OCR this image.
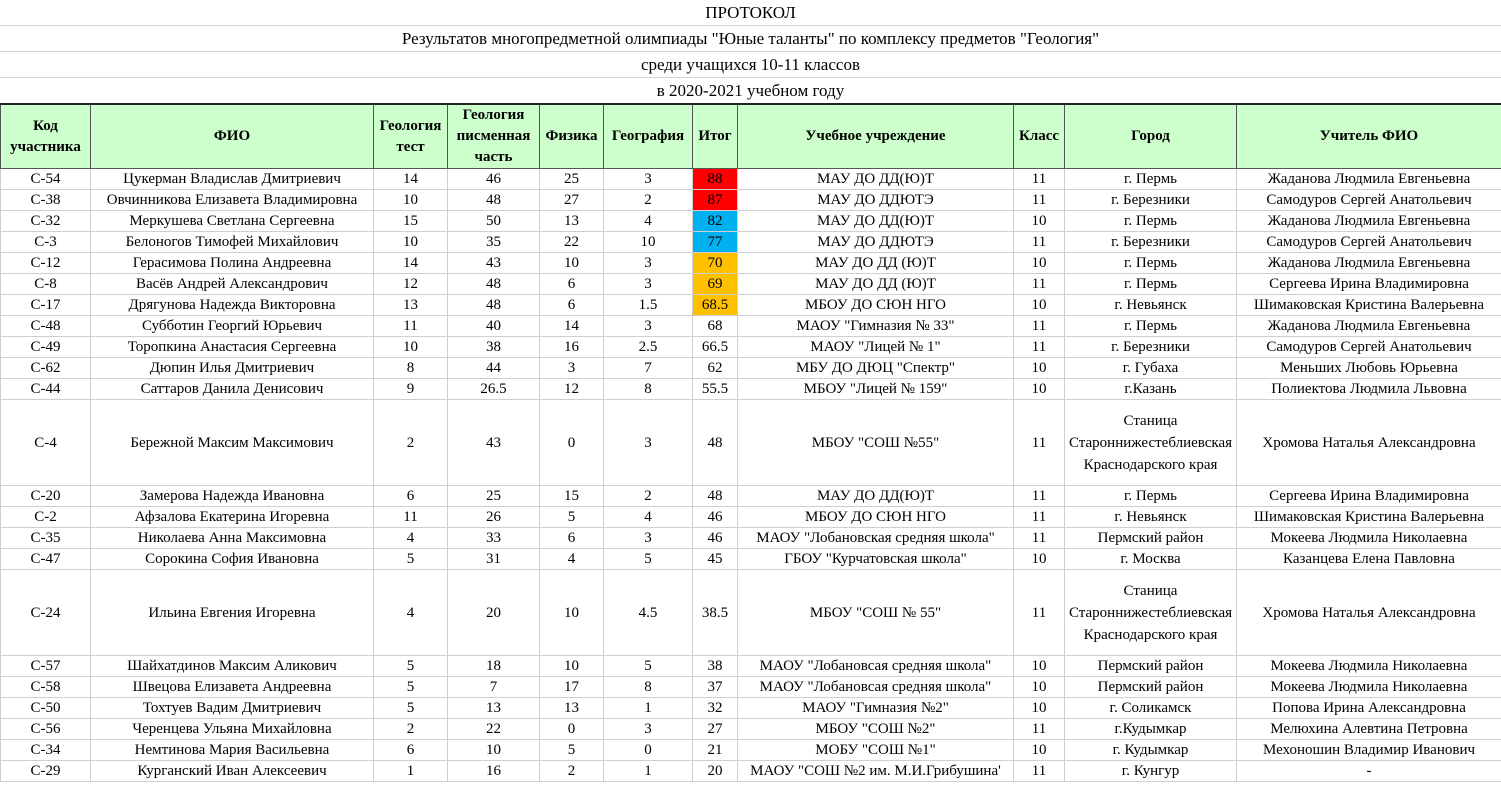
ПРОТОКОЛ
Результатов многопредметной олимпиады "Юные таланты" по комплексу предметов "Геология"
среди учащихся 10-11 классов
в 2020-2021 учебном году
Код участника	ФИО	Геология тест	Геология писменная часть	Физика	География	Итог	Учебное учреждение	Класс	Город	Учитель ФИО
С-54	Цукерман Владислав Дмитриевич	14	46	25	3	88	МАУ ДО ДД(Ю)Т	11	г. Пермь	Жаданова Людмила Евгеньевна
С-38	Овчинникова Елизавета Владимировна	10	48	27	2	87	МАУ ДО ДДЮТЭ	11	г. Березники	Самодуров Сергей Анатольевич
С-32	Меркушева Светлана Сергеевна	15	50	13	4	82	МАУ ДО ДД(Ю)Т	10	г. Пермь	Жаданова Людмила Евгеньевна
С-3	Белоногов Тимофей Михайлович	10	35	22	10	77	МАУ ДО ДДЮТЭ	11	г. Березники	Самодуров Сергей Анатольевич
С-12	Герасимова Полина Андреевна	14	43	10	3	70	МАУ ДО ДД (Ю)Т	10	г. Пермь	Жаданова Людмила Евгеньевна
С-8	Васёв Андрей Александрович	12	48	6	3	69	МАУ ДО ДД (Ю)Т	11	г. Пермь	Сергеева Ирина Владимировна
С-17	Дрягунова Надежда Викторовна	13	48	6	1.5	68.5	МБОУ ДО СЮН НГО	10	г. Невьянск	Шимаковская Кристина Валерьевна
С-48	Субботин Георгий Юрьевич	11	40	14	3	68	МАОУ "Гимназия № 33"	11	г. Пермь	Жаданова Людмила Евгеньевна
С-49	Торопкина Анастасия Сергеевна	10	38	16	2.5	66.5	МАОУ "Лицей № 1"	11	г. Березники	Самодуров Сергей Анатольевич
С-62	Дюпин Илья Дмитриевич	8	44	3	7	62	МБУ ДО ДЮЦ "Спектр"	10	г. Губаха	Меньших Любовь Юрьевна
С-44	Саттаров Данила Денисович	9	26.5	12	8	55.5	МБОУ "Лицей № 159"	10	г.Казань	Полиектова Людмила Львовна
С-4	Бережной Максим Максимович	2	43	0	3	48	МБОУ "СОШ №55"	11	Станица Староннижестеблиевская Краснодарского края	Хромова Наталья Александровна
С-20	Замерова Надежда Ивановна	6	25	15	2	48	МАУ ДО ДД(Ю)Т	11	г. Пермь	Сергеева Ирина Владимировна
С-2	Афзалова Екатерина Игоревна	11	26	5	4	46	МБОУ ДО СЮН НГО	11	г. Невьянск	Шимаковская Кристина Валерьевна
С-35	Николаева Анна Максимовна	4	33	6	3	46	МАОУ "Лобановская средняя школа"	11	Пермский район	Мокеева Людмила Николаевна
С-47	Сорокина София Ивановна	5	31	4	5	45	ГБОУ "Курчатовская школа"	10	г. Москва	Казанцева Елена Павловна
С-24	Ильина Евгения Игоревна	4	20	10	4.5	38.5	МБОУ "СОШ № 55"	11	Станица Староннижестеблиевская Краснодарского края	Хромова Наталья Александровна
С-57	Шайхатдинов Максим Аликович	5	18	10	5	38	МАОУ "Лобановсая средняя школа"	10	Пермский район	Мокеева Людмила Николаевна
С-58	Швецова Елизавета Андреевна	5	7	17	8	37	МАОУ "Лобановсая средняя школа"	10	Пермский район	Мокеева Людмила Николаевна
С-50	Тохтуев Вадим Дмитриевич	5	13	13	1	32	МАОУ "Гимназия №2"	10	г. Соликамск	Попова Ирина Александровна
С-56	Черенцева Ульяна Михайловна	2	22	0	3	27	МБОУ "СОШ №2"	11	г.Кудымкар	Мелюхина Алевтина Петровна
С-34	Немтинова Мария Васильевна	6	10	5	0	21	МОБУ "СОШ №1"	10	г. Кудымкар	Мехоношин Владимир Иванович
С-29	Курганский Иван Алексеевич	1	16	2	1	20	МАОУ "СОШ №2 им. М.И.Грибушина'	11	г. Кунгур	-
